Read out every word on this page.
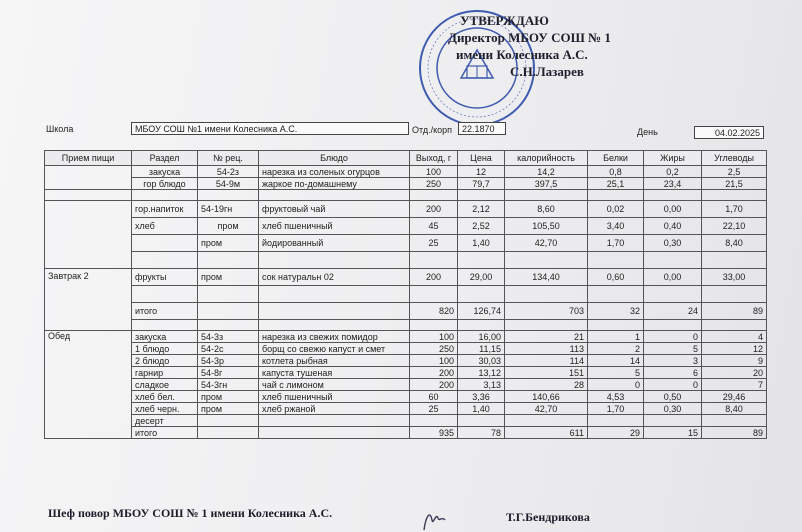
УТВЕРЖДАЮ
Директор МБОУ СОШ № 1
имени Колесника А.С.
С.Н.Лазарев
Школа	МБОУ СОШ №1 имени Колесника А.С.	Отд./корп	22.1870	День	04.02.2025
Прием пищи	Раздел	№ рец.	Блюдо	Выход, г	Цена	калорийность	Белки	Жиры	Углеводы
	закуска	54-2з	нарезка из соленых огурцов	100	12	14,2	0,8	0,2	2,5
	гор блюдо	54-9м	жаркое по-домашнему	250	79,7	397,5	25,1	23,4	21,5

	гор.напиток	54-19гн	фруктовый чай	200	2,12	8,60	0,02	0,00	1,70
	хлеб	пром	хлеб пшеничный	45	2,52	105,50	3,40	0,40	22,10
		пром	йодированный	25	1,40	42,70	1,70	0,30	8,40

Завтрак 2	фрукты	пром	сок натуральн 02	200	29,00	134,40	0,60	0,00	33,00

	итого			820	126,74	703	32	24	89

Обед	закуска	54-3з	нарезка из свежих помидор	100	16,00	21	1	0	4
	1 блюдо	54-2с	борщ со свежю капуст и смет	250	11,15	113	2	5	12
	2 блюдо	54-3р	котлета рыбная	100	30,03	114	14	3	9
	гарнир	54-8г	капуста тушеная	200	13,12	151	5	6	20
	сладкое	54-3гн	чай с лимоном	200	3,13	28	0	0	7
	хлеб бел.	пром	хлеб пшеничный	60	3,36	140,66	4,53	0,50	29,46
	хлеб черн.	пром	хлеб ржаной	25	1,40	42,70	1,70	0,30	8,40
	десерт								
	итого			935	78	611	29	15	89
Шеф повор МБОУ СОШ № 1 имени Колесника А.С.	Т.Г.Бендрикова
